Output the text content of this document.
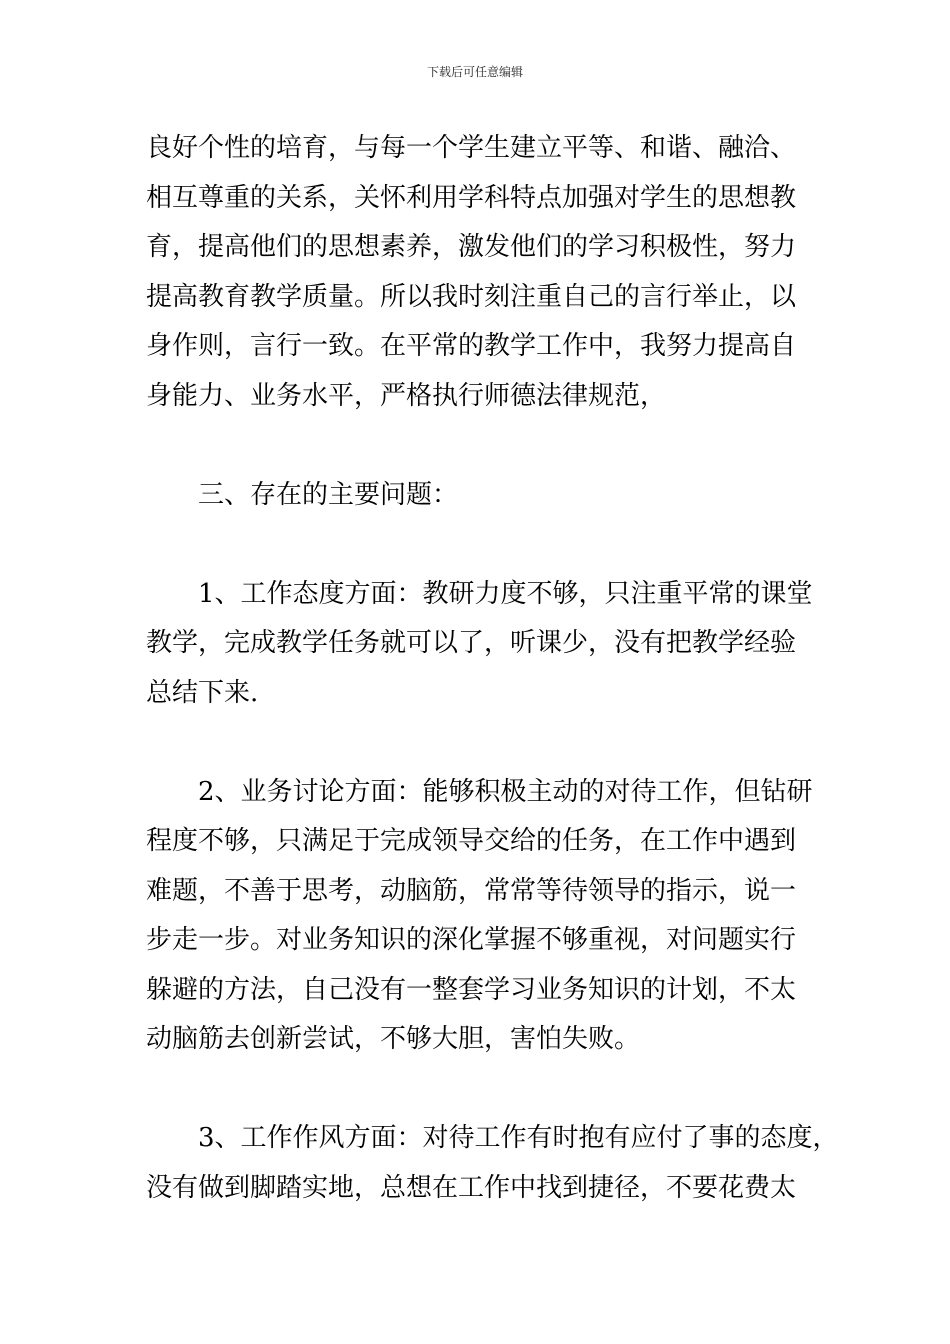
下载后可任意编辑
良好个性的培育，与每一个学生建立平等、和谐、融洽、
相互尊重的关系，关怀利用学科特点加强对学生的思想教
育，提高他们的思想素养，激发他们的学习积极性，努力
提高教育教学质量。所以我时刻注重自己的言行举止，以
身作则，言行一致。在平常的教学工作中，我努力提高自
身能力、业务水平，严格执行师德法律规范，
三、存在的主要问题：
1、工作态度方面：教研力度不够，只注重平常的课堂
教学，完成教学任务就可以了，听课少，没有把教学经验
总结下来.
2、业务讨论方面：能够积极主动的对待工作，但钻研
程度不够，只满足于完成领导交给的任务，在工作中遇到
难题，不善于思考，动脑筋，常常等待领导的指示，说一
步走一步。对业务知识的深化掌握不够重视，对问题实行
躲避的方法，自己没有一整套学习业务知识的计划，不太
动脑筋去创新尝试，不够大胆，害怕失败。
3、工作作风方面：对待工作有时抱有应付了事的态度，
没有做到脚踏实地，总想在工作中找到捷径，不要花费太
